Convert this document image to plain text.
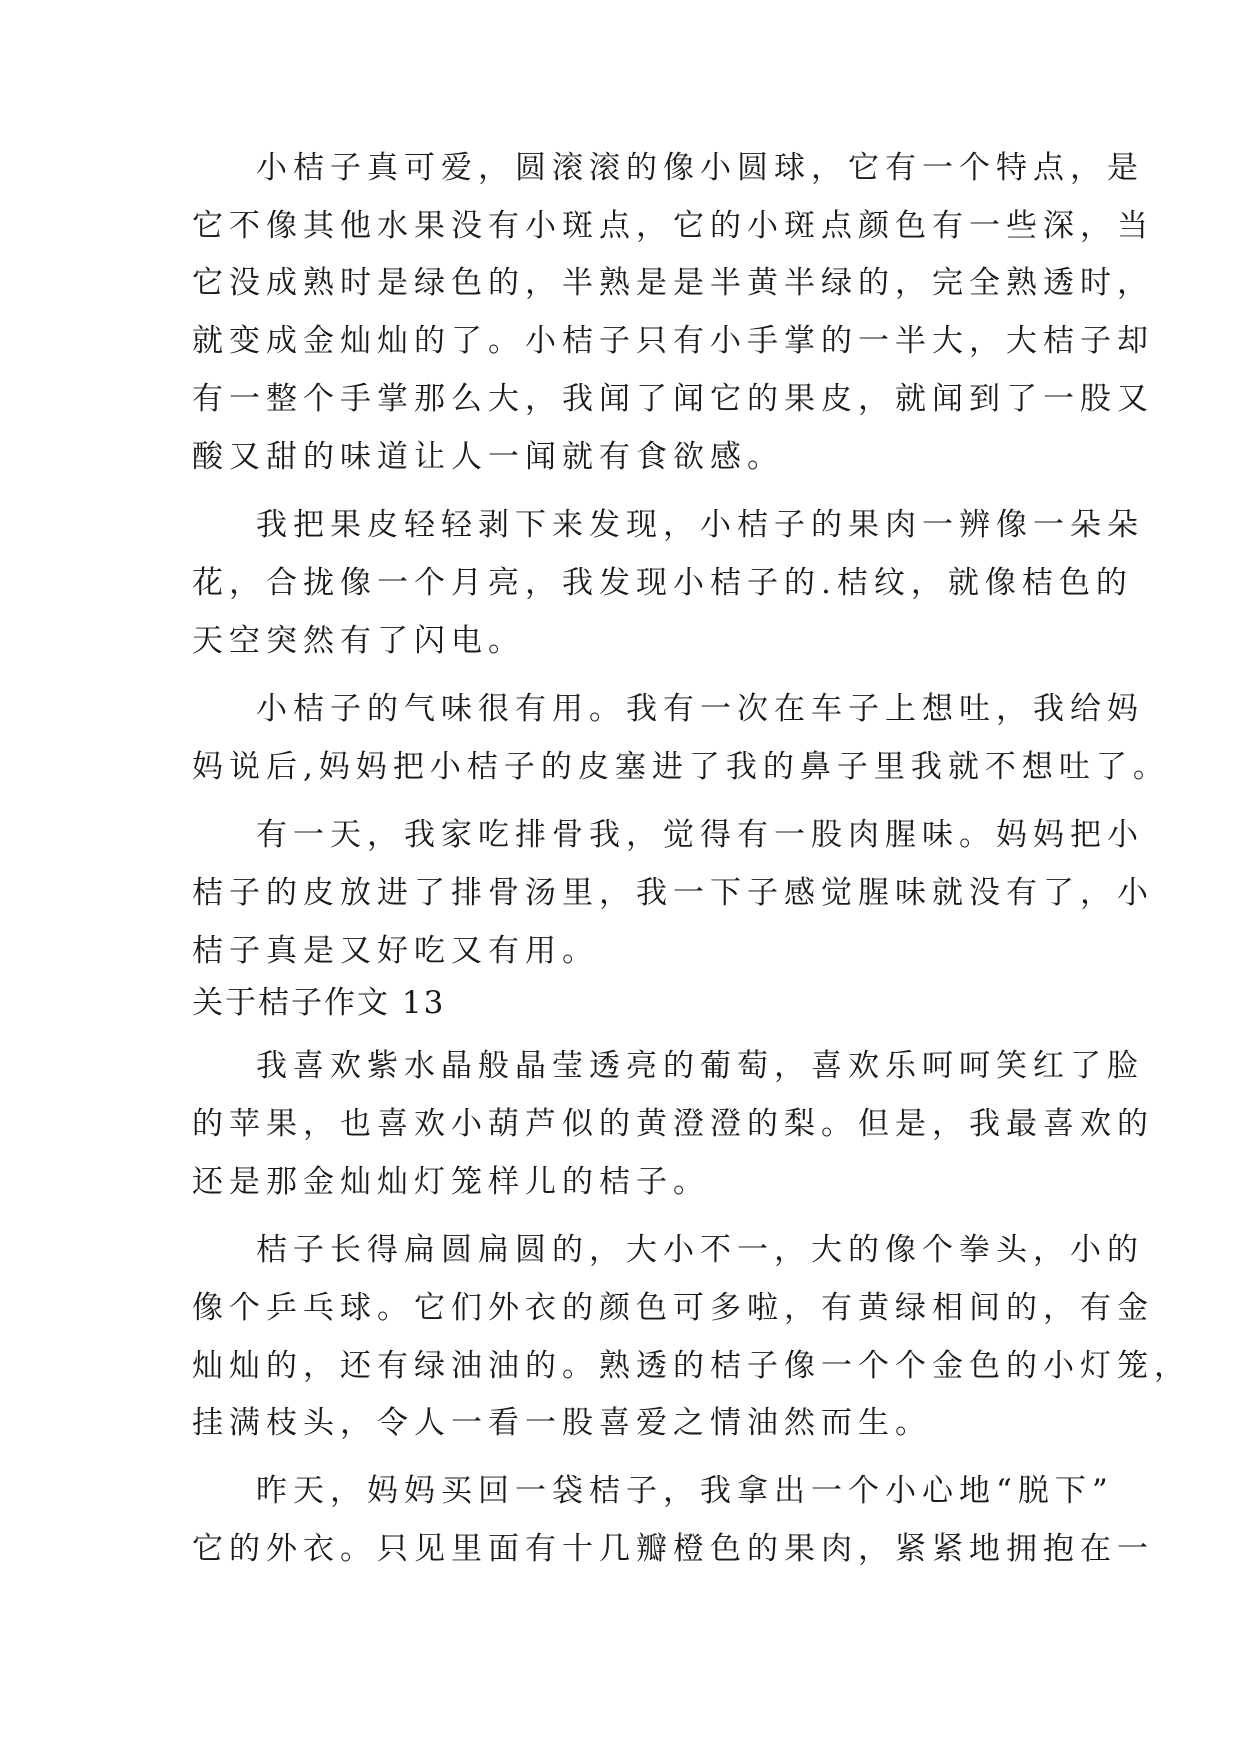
小桔子真可爱，圆滚滚的像小圆球，它有一个特点，是
它不像其他水果没有小斑点，它的小斑点颜色有一些深，当
它没成熟时是绿色的，半熟是是半黄半绿的，完全熟透时，
就变成金灿灿的了。小桔子只有小手掌的一半大，大桔子却
有一整个手掌那么大，我闻了闻它的果皮，就闻到了一股又
酸又甜的味道让人一闻就有食欲感。
我把果皮轻轻剥下来发现，小桔子的果肉一辨像一朵朵
花，合拢像一个月亮，我发现小桔子的.桔纹，就像桔色的
天空突然有了闪电。
小桔子的气味很有用。我有一次在车子上想吐，我给妈
妈说后,妈妈把小桔子的皮塞进了我的鼻子里我就不想吐了。
有一天，我家吃排骨我，觉得有一股肉腥味。妈妈把小
桔子的皮放进了排骨汤里，我一下子感觉腥味就没有了，小
桔子真是又好吃又有用。
关于桔子作文 13
我喜欢紫水晶般晶莹透亮的葡萄，喜欢乐呵呵笑红了脸
的苹果，也喜欢小葫芦似的黄澄澄的梨。但是，我最喜欢的
还是那金灿灿灯笼样儿的桔子。
桔子长得扁圆扁圆的，大小不一，大的像个拳头，小的
像个乒乓球。它们外衣的颜色可多啦，有黄绿相间的，有金
灿灿的，还有绿油油的。熟透的桔子像一个个金色的小灯笼，
挂满枝头，令人一看一股喜爱之情油然而生。
昨天，妈妈买回一袋桔子，我拿出一个小心地“脱下”
它的外衣。只见里面有十几瓣橙色的果肉，紧紧地拥抱在一
